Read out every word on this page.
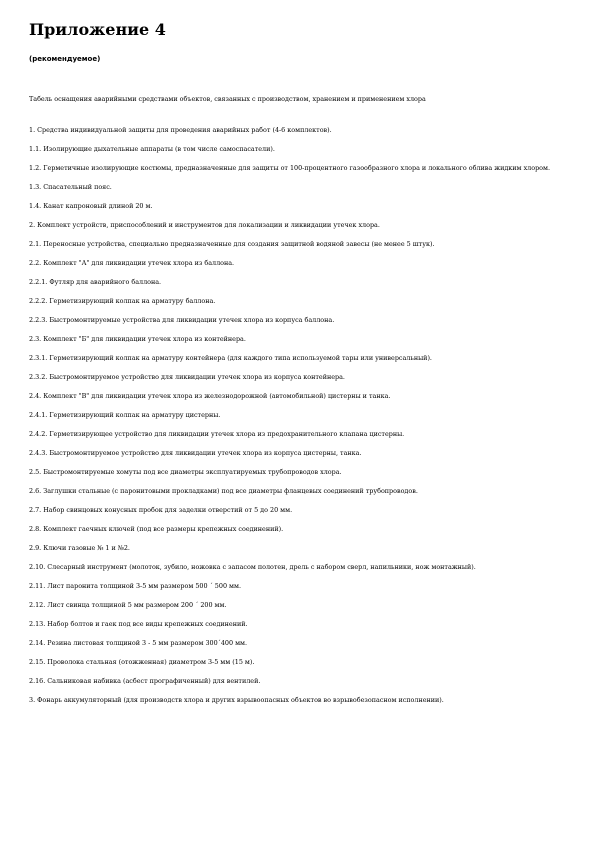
Приложение 4

(рекомендуемое)

Табель оснащения аварийными средствами объектов, связанных с производством, хранением и применением хлора

1. Средства индивидуальной защиты для проведения аварийных работ (4-6 комплектов).
1.1. Изолирующие дыхательные аппараты (в том числе самоспасатели).
1.2. Герметичные изолирующие костюмы, предназначенные для защиты от 100-процентного газообразного хлора и локального облива жидким хлором.
1.3. Спасательный пояс.
1.4. Канат капроновый длиной 20 м.
2. Комплект устройств, приспособлений и инструментов для локализации и ликвидации утечек хлора.
2.1. Переносные устройства, специально предназначенные для создания защитной водяной завесы (не менее 5 штук).
2.2. Комплект "А" для ликвидации утечек хлора из баллона.
2.2.1. Футляр для аварийного баллона.
2.2.2. Герметизирующий колпак на арматуру баллона.
2.2.3. Быстромонтируемые устройства для ликвидации утечек хлора из корпуса баллона.
2.3. Комплект "Б" для ликвидации утечек хлора из контейнера.
2.3.1. Герметизирующий колпак на арматуру контейнера (для каждого типа используемой тары или универсальный).
2.3.2. Быстромонтируемое устройство для ликвидации утечек хлора из корпуса контейнера.
2.4. Комплект "В" для ликвидации утечек хлора из железнодорожной (автомобильной) цистерны и танка.
2.4.1. Герметизирующий колпак на арматуру цистерны.
2.4.2. Герметизирующее устройство для ликвидации утечек хлора из предохранительного клапана цистерны.
2.4.3. Быстромонтируемое устройство для ликвидации утечек хлора из корпуса цистерны, танка.
2.5. Быстромонтируемые хомуты под все диаметры эксплуатируемых трубопроводов хлора.
2.6. Заглушки стальные (с паронитовыми прокладками) под все диаметры фланцевых соединений трубопроводов.
2.7. Набор свинцовых конусных пробок для заделки отверстий от 5 до 20 мм.
2.8. Комплект гаечных ключей (под все размеры крепежных соединений).
2.9. Ключи газовые № 1 и №2.
2.10. Слесарный инструмент (молоток, зубило, ножовка с запасом полотен, дрель с набором сверл, напильники, нож монтажный).
2.11. Лист паронита толщиной 3-5 мм размером 500 ´ 500 мм.
2.12. Лист свинца толщиной 5 мм размером 200 ´ 200 мм.
2.13. Набор болтов и гаек под все виды крепежных соединений.
2.14. Резина листовая толщиной 3 - 5 мм размером 300´400 мм.
2.15. Проволока стальная (отожженная) диаметром 3-5 мм (15 м).
2.16. Сальниковая набивка (асбест прографиченный) для вентилей.
3. Фонарь аккумуляторный (для производств хлора и других взрывоопасных объектов во взрывобезопасном исполнении).
